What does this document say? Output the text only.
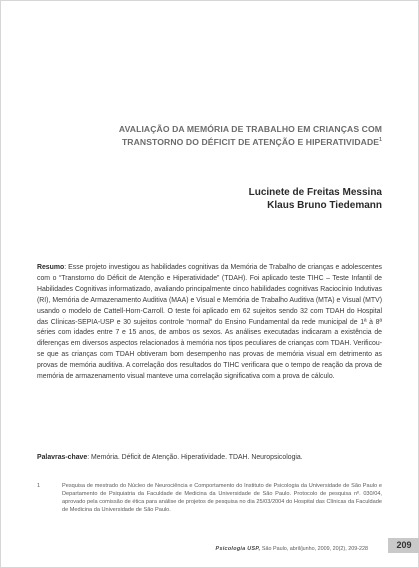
AVALIAÇÃO DA MEMÓRIA DE TRABALHO EM CRIANÇAS COM
TRANSTORNO DO DÉFICIT DE ATENÇÃO E HIPERATIVIDADE$^1$
Lucinete de Freitas Messina
Klaus Bruno Tiedemann
Resumo: Esse projeto investigou as habilidades cognitivas da Memória de Trabalho de crianças e adolescentes com o “Transtorno do Déficit de Atenção e Hiperatividade” (TDAH). Foi aplicado teste TIHC – Teste Infantil de Habilidades Cognitivas informatizado, avaliando principalmente cinco habilidades cognitivas Raciocínio Indutivas (RI), Memória de Armazenamento Auditiva (MAA) e Visual e Memória de Trabalho Auditiva (MTA) e Visual (MTV) usando o modelo de Cattell-Horn-Carroll. O teste foi aplicado em 62 sujeitos sendo 32 com TDAH do Hospital das Clínicas-SEPIA-USP e 30 sujeitos controle “normal” do Ensino Fundamental da rede municipal de 1ª à 8ª séries com idades entre 7 e 15 anos, de ambos os sexos. As análises executadas indicaram a existência de diferenças em diversos aspectos relacionados à memória nos tipos peculiares de crianças com TDAH. Verificou-se que as crianças com TDAH obtiveram bom desempenho nas provas de memória visual em detrimento as provas de memória auditiva. A correlação dos resultados do TIHC verificara que o tempo de reação da prova de memória de armazenamento visual manteve uma correlação significativa com a prova de cálculo.
Palavras-chave: Memória. Déficit de Atenção. Hiperatividade. TDAH. Neuropsicologia.
1	Pesquisa de mestrado do Núcleo de Neurociência e Comportamento do Instituto de Psicologia da Universidade de São Paulo e Departamento de Psiquiatria da Faculdade de Medicina da Universidade de São Paulo. Protocolo de pesquisa nº. 030/04, aprovado pela comissão de ética para análise de projetos de pesquisa no dia 25/03/2004 do Hospital das Clínicas da Faculdade de Medicina da Universidade de São Paulo.
Psicologia USP, São Paulo, abril/junho, 2009, 20(2), 209-228	209
